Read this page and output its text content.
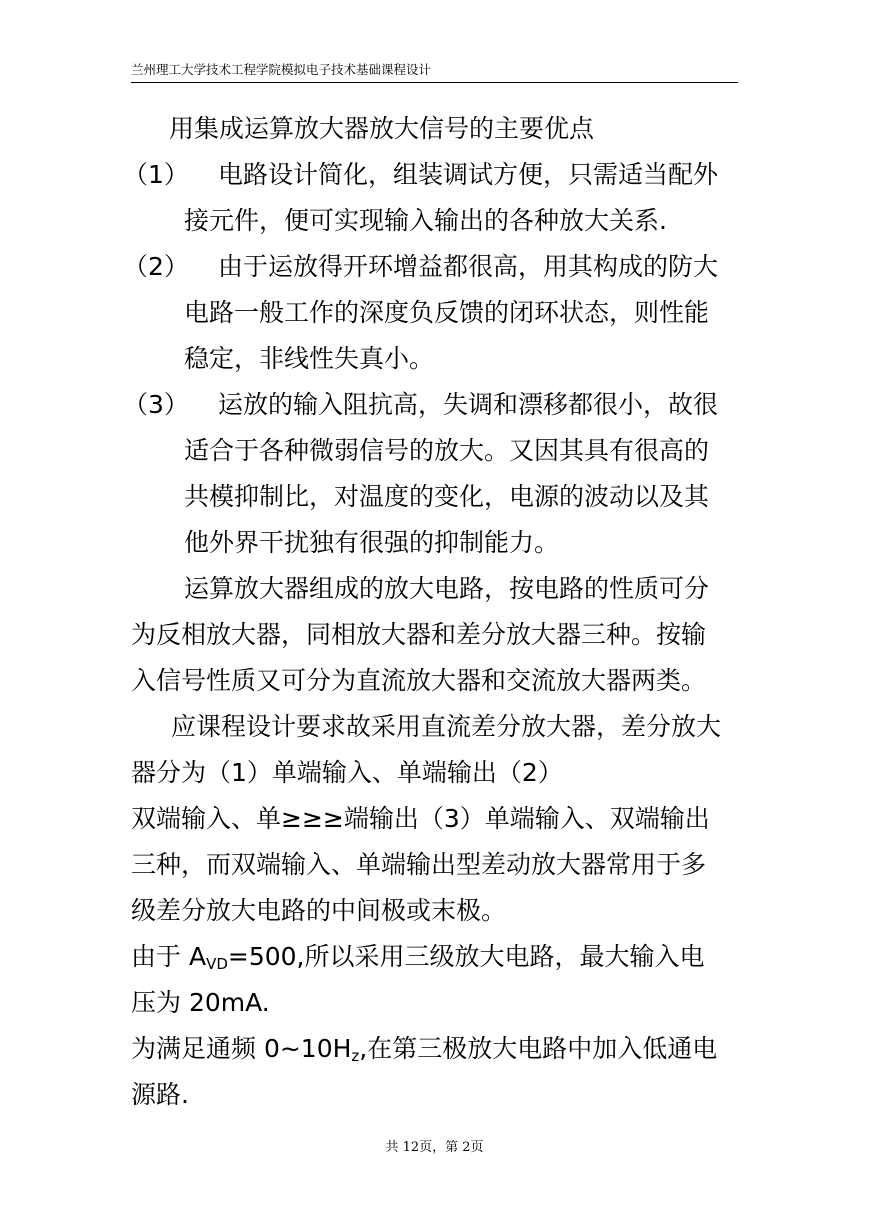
兰州理工大学技术工程学院模拟电子技术基础课程设计
用集成运算放大器放大信号的主要优点
（1） 电路设计简化，组装调试方便，只需适当配外
接元件，便可实现输入输出的各种放大关系.
（2） 由于运放得开环增益都很高，用其构成的防大
电路一般工作的深度负反馈的闭环状态，则性能
稳定，非线性失真小。
（3） 运放的输入阻抗高，失调和漂移都很小，故很
适合于各种微弱信号的放大。又因其具有很高的
共模抑制比，对温度的变化，电源的波动以及其
他外界干扰独有很强的抑制能力。
运算放大器组成的放大电路，按电路的性质可分
为反相放大器，同相放大器和差分放大器三种。按输
入信号性质又可分为直流放大器和交流放大器两类。
应课程设计要求故采用直流差分放大器，差分放大
器分为（1）单端输入、单端输出（2）
双端输入、单≥≥≥端输出（3）单端输入、双端输出
三种，而双端输入、单端输出型差动放大器常用于多
级差分放大电路的中间极或末极。
由于 $A_{VD}=500$,所以采用三级放大电路，最大输入电
压为 20mA.
为满足通频 $0\sim 10H_z$,在第三极放大电路中加入低通电
源路.
共 12页，第 2页
